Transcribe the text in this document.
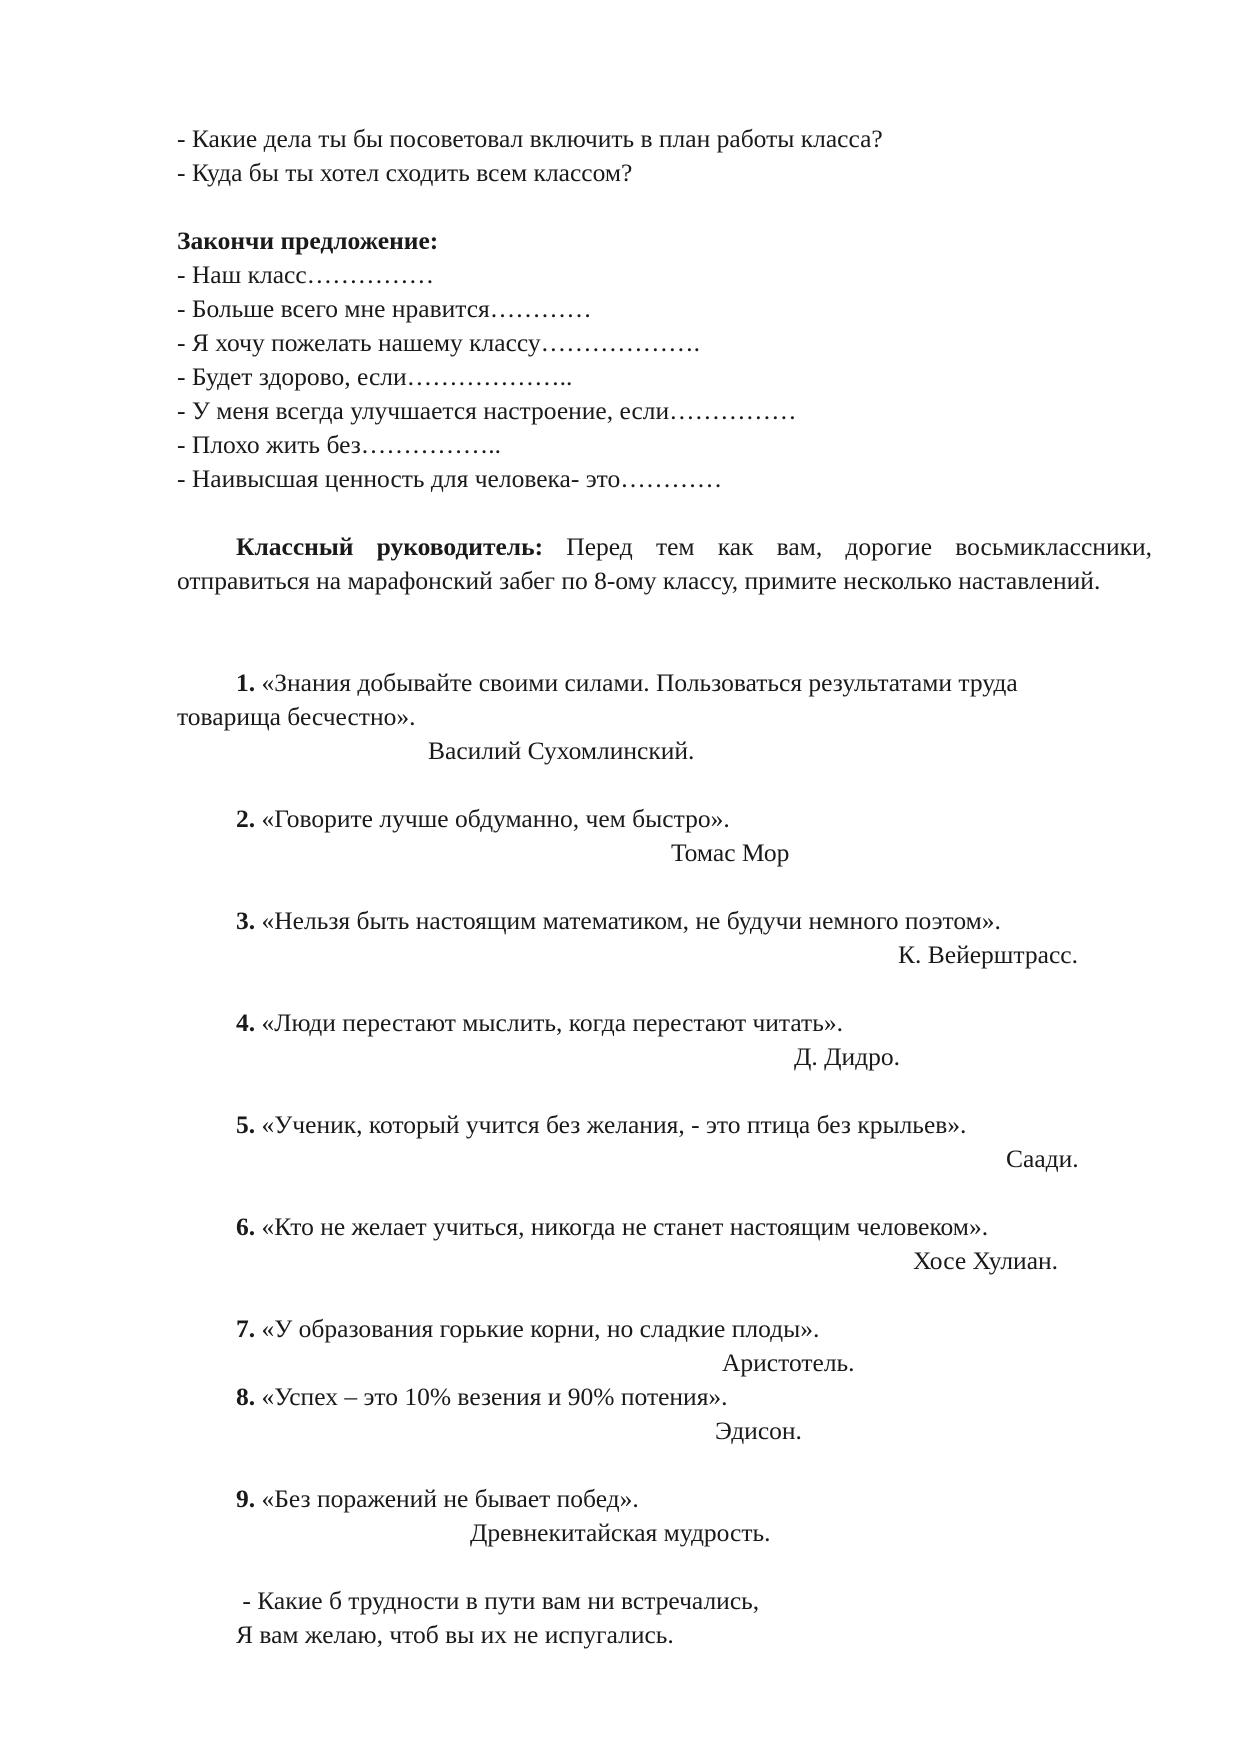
- Какие дела ты бы посоветовал включить в план работы класса?
- Куда бы ты хотел сходить всем классом?
Закончи предложение:
- Наш класс……………
- Больше всего мне нравится…………
- Я хочу пожелать нашему классу……………….
- Будет здорово, если………………..
- У меня всегда улучшается настроение, если……………
- Плохо жить без……………..
- Наивысшая ценность для человека- это…………
Классный руководитель: Перед тем как вам, дорогие восьмиклассники, отправиться на марафонский забег по 8-ому классу, примите несколько наставлений.
1. «Знания добывайте своими силами. Пользоваться результатами труда
товарища бесчестно».
Василий Сухомлинский.
2. «Говорите лучше обдуманно, чем быстро».
Томас Мор
3. «Нельзя быть настоящим математиком, не будучи немного поэтом».
К. Вейерштрасс.
4. «Люди перестают мыслить, когда перестают читать».
Д. Дидро.
5. «Ученик, который учится без желания, - это птица без крыльев».
Саади.
6. «Кто не желает учиться, никогда не станет настоящим человеком».
Хосе Хулиан.
7. «У образования горькие корни, но сладкие плоды».
Аристотель.
8. «Успех – это 10% везения и 90% потения».
Эдисон.
9. «Без поражений не бывает побед».
Древнекитайская мудрость.
- Какие б трудности в пути вам ни встречались,
Я вам желаю, чтоб вы их не испугались.
